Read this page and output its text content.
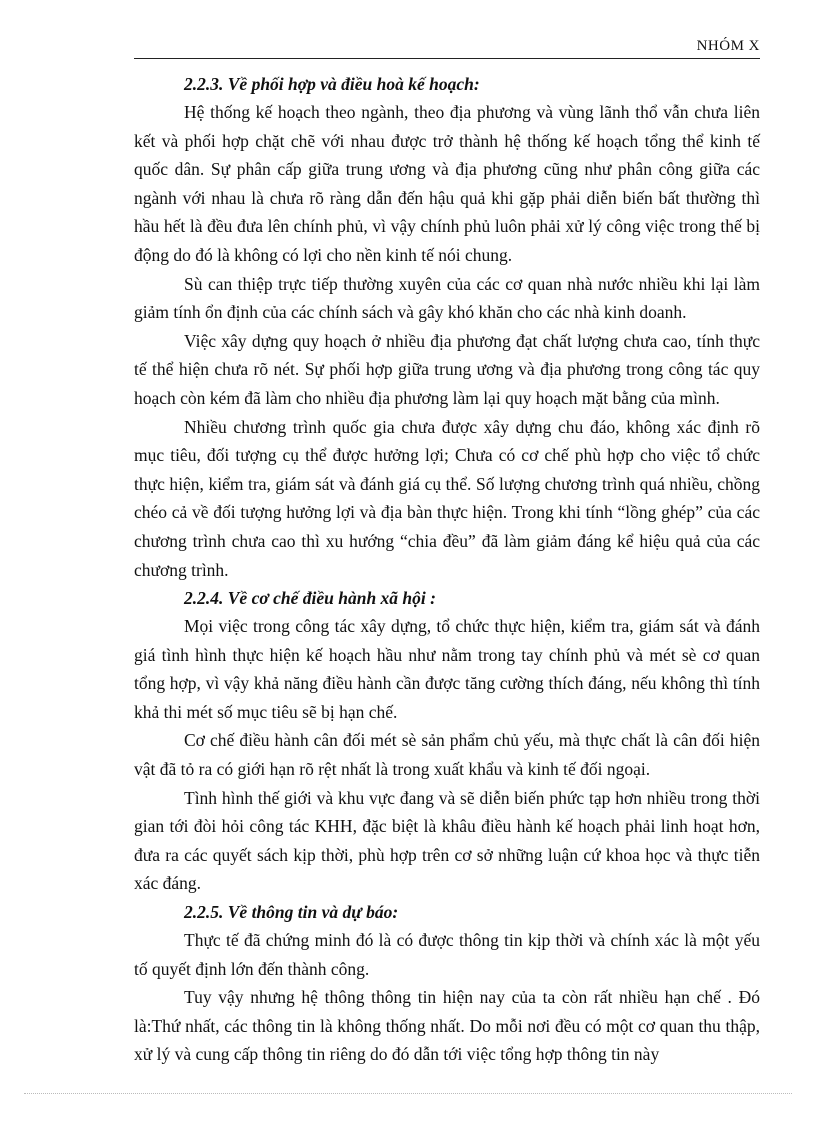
NHÓM X

2.2.3. Về phối hợp và điều hoà kế hoạch:

Hệ thống kế hoạch theo ngành, theo địa phương và vùng lãnh thổ vẫn chưa liên kết và phối hợp chặt chẽ với nhau được trở thành hệ thống kế hoạch tổng thể kinh tế quốc dân. Sự phân cấp giữa trung ương và địa phương cũng như phân công giữa các ngành với nhau là chưa rõ ràng dẫn đến hậu quả khi gặp phải diễn biến bất thường thì hầu hết là đều đưa lên chính phủ, vì vậy chính phủ luôn phải xử lý công việc trong thế bị động do đó là không có lợi cho nền kinh tế nói chung.

Sù can thiệp trực tiếp thường xuyên của các cơ quan nhà nước nhiều khi lại làm giảm tính ổn định của các chính sách và gây khó khăn cho các nhà kinh doanh.

Việc xây dựng quy hoạch ở nhiều địa phương đạt chất lượng chưa cao, tính thực tế thể hiện chưa rõ nét. Sự phối hợp giữa trung ương và địa phương trong công tác quy hoạch còn kém đã làm cho nhiều địa phương làm lại quy hoạch mặt bằng của mình.

Nhiều chương trình quốc gia chưa được xây dựng chu đáo, không xác định rõ mục tiêu, đối tượng cụ thể được hưởng lợi; Chưa có cơ chế phù hợp cho việc tổ chức thực hiện, kiểm tra, giám sát và đánh giá cụ thể. Số lượng chương trình quá nhiều, chồng chéo cả về đối tượng hưởng lợi và địa bàn thực hiện. Trong khi tính “lồng ghép” của các chương trình chưa cao thì xu hướng “chia đều” đã làm giảm đáng kể hiệu quả của các chương trình.

2.2.4. Về cơ chế điều hành xã hội :

Mọi việc trong công tác xây dựng, tổ chức thực hiện, kiểm tra, giám sát và đánh giá tình hình thực hiện kế hoạch hầu như nằm trong tay chính phủ và mét sè cơ quan tổng hợp, vì vậy khả năng điều hành cần được tăng cường thích đáng, nếu không thì tính khả thi mét số mục tiêu sẽ bị hạn chế.

Cơ chế điều hành cân đối mét sè sản phẩm chủ yếu, mà thực chất là cân đối hiện vật đã tỏ ra có giới hạn rõ rệt nhất là trong xuất khẩu và kinh tế đối ngoại.

Tình hình thế giới và khu vực đang và sẽ diễn biến phức tạp hơn nhiều trong thời gian tới đòi hỏi công tác KHH, đặc biệt là khâu điều hành kế hoạch phải linh hoạt hơn, đưa ra các quyết sách kịp thời, phù hợp trên cơ sở những luận cứ khoa học và thực tiễn xác đáng.

2.2.5. Về thông tin và dự báo:

Thực tế đã chứng minh đó là có được thông tin kịp thời và chính xác là một yếu tố quyết định lớn đến thành công.

Tuy vậy nhưng hệ thông thông tin hiện nay của ta còn rất nhiều hạn chế . Đó là:Thứ nhất, các thông tin là không thống nhất. Do mỗi nơi đều có một cơ quan thu thập, xử lý và cung cấp thông tin riêng do đó dẫn tới việc tổng hợp thông tin này
